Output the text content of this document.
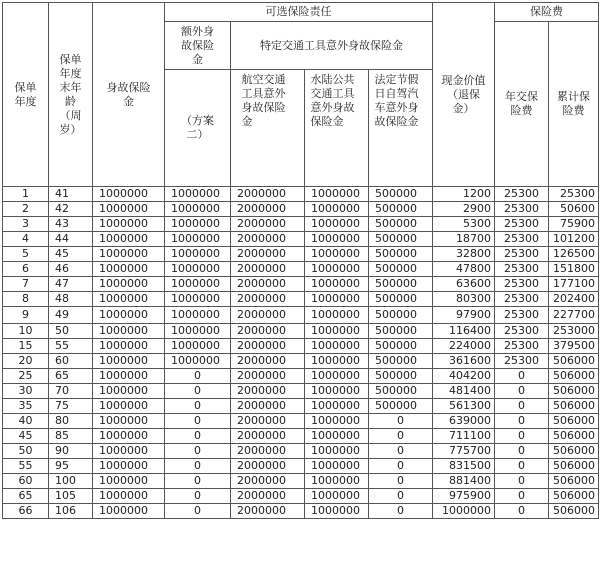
保单年度	保单年度末年龄（周岁）	身故保险金	可选保险责任				现金价值（退保金）	保险费	
			额外身故保险金	特定交通工具意外身故保险金				年交保险费	累计保险费
			（方案二）	航空交通工具意外身故保险金	水陆公共交通工具意外身故保险金	法定节假日自驾汽车意外身故保险金			
1	41	1000000	1000000	2000000	1000000	500000	1200	25300	25300
2	42	1000000	1000000	2000000	1000000	500000	2900	25300	50600
3	43	1000000	1000000	2000000	1000000	500000	5300	25300	75900
4	44	1000000	1000000	2000000	1000000	500000	18700	25300	101200
5	45	1000000	1000000	2000000	1000000	500000	32800	25300	126500
6	46	1000000	1000000	2000000	1000000	500000	47800	25300	151800
7	47	1000000	1000000	2000000	1000000	500000	63600	25300	177100
8	48	1000000	1000000	2000000	1000000	500000	80300	25300	202400
9	49	1000000	1000000	2000000	1000000	500000	97900	25300	227700
10	50	1000000	1000000	2000000	1000000	500000	116400	25300	253000
15	55	1000000	1000000	2000000	1000000	500000	224000	25300	379500
20	60	1000000	1000000	2000000	1000000	500000	361600	25300	506000
25	65	1000000	0	2000000	1000000	500000	404200	0	506000
30	70	1000000	0	2000000	1000000	500000	481400	0	506000
35	75	1000000	0	2000000	1000000	500000	561300	0	506000
40	80	1000000	0	2000000	1000000	0	639000	0	506000
45	85	1000000	0	2000000	1000000	0	711100	0	506000
50	90	1000000	0	2000000	1000000	0	775700	0	506000
55	95	1000000	0	2000000	1000000	0	831500	0	506000
60	100	1000000	0	2000000	1000000	0	881400	0	506000
65	105	1000000	0	2000000	1000000	0	975900	0	506000
66	106	1000000	0	2000000	1000000	0	1000000	0	506000
